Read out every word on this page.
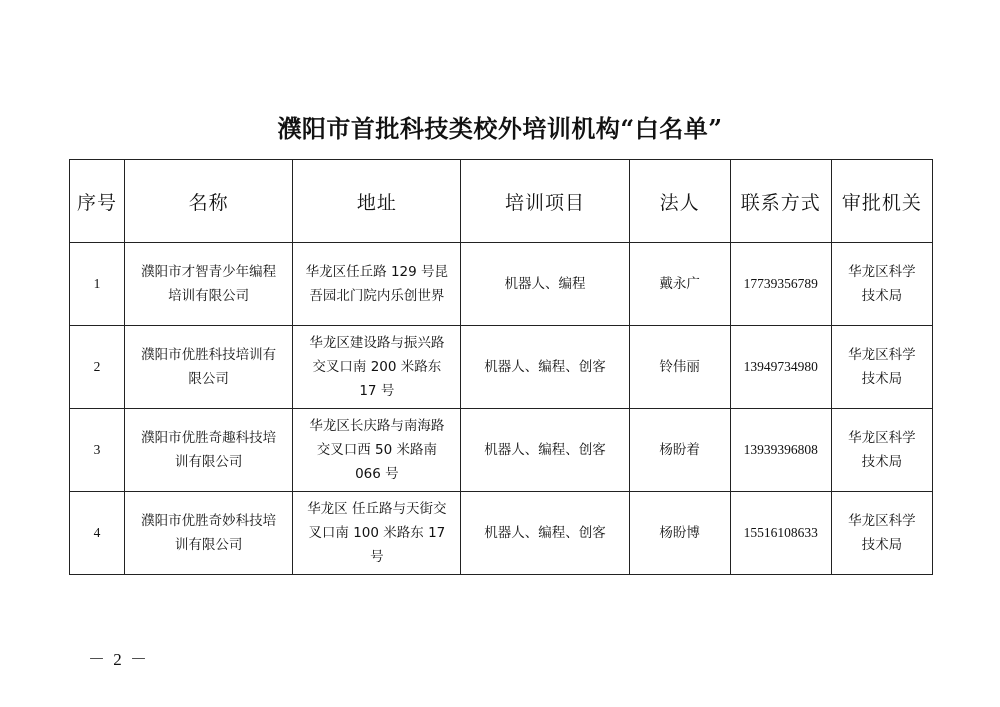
濮阳市首批科技类校外培训机构“白名单”
序号	名称	地址	培训项目	法人	联系方式	审批机关
1	濮阳市才智青少年编程培训有限公司	华龙区任丘路 129 号昆吾园北门院内乐创世界	机器人、编程	戴永广	17739356789	华龙区科学技术局
2	濮阳市优胜科技培训有限公司	华龙区建设路与振兴路交叉口南 200 米路东 17 号	机器人、编程、创客	铃伟丽	13949734980	华龙区科学技术局
3	濮阳市优胜奇趣科技培训有限公司	华龙区长庆路与南海路交叉口西 50 米路南 066 号	机器人、编程、创客	杨盼着	13939396808	华龙区科学技术局
4	濮阳市优胜奇妙科技培训有限公司	华龙区 任丘路与天街交叉口南 100 米路东 17 号	机器人、编程、创客	杨盼博	15516108633	华龙区科学技术局
－ 2 －
